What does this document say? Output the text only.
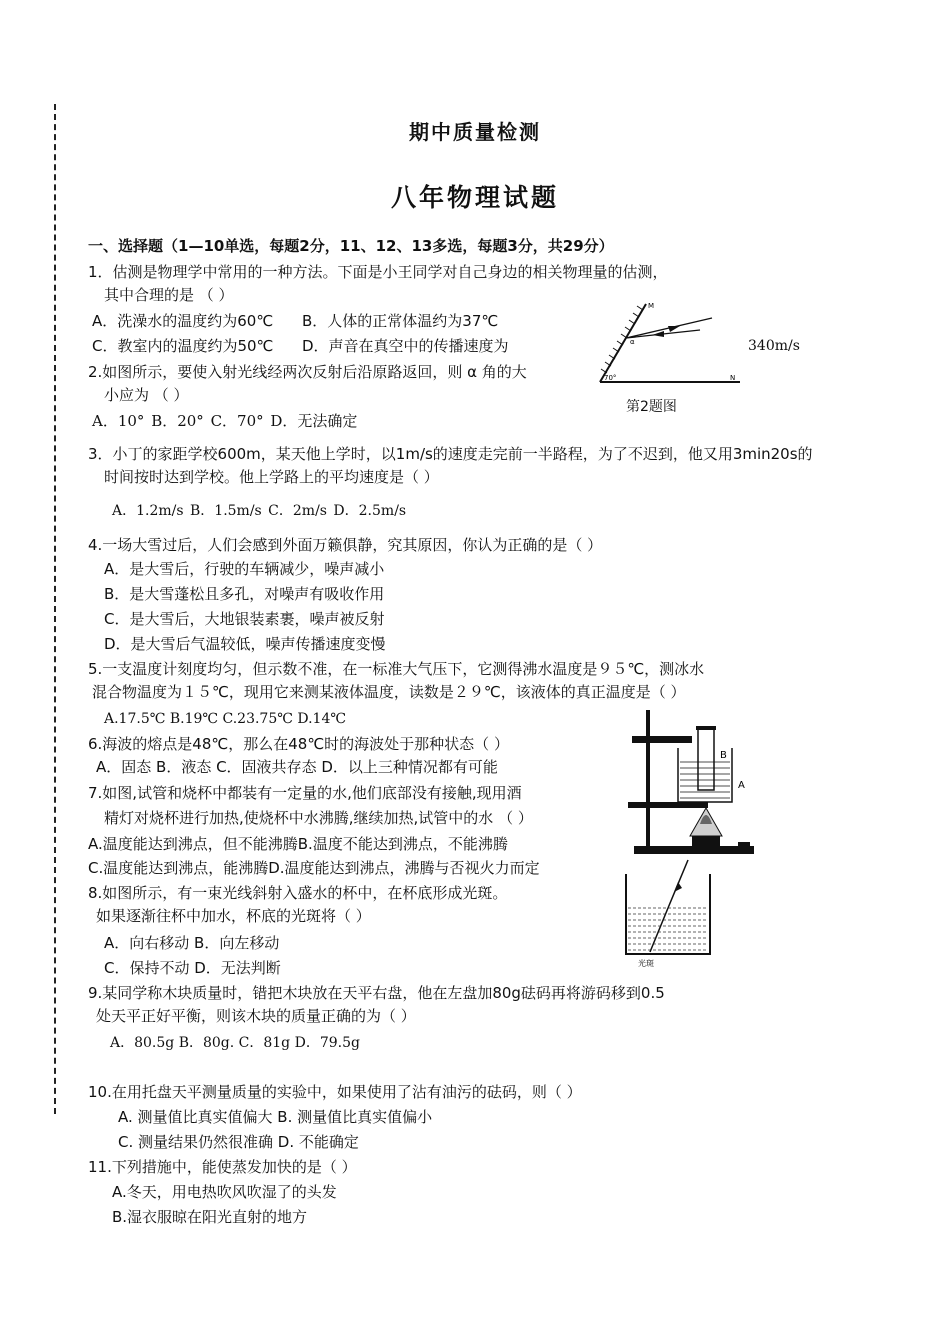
期中质量检测
八年物理试题
一、选择题（1—10单选，每题2分，11、12、13多选，每题3分，共29分）
1．估测是物理学中常用的一种方法。下面是小王同学对自己身边的相关物理量的估测，
其中合理的是 （ ）
A．洗澡水的温度约为60℃ B．人体的正常体温约为37℃
C．教室内的温度约为50℃ D．声音在真空中的传播速度为	340m/s
2.如图所示，要使入射光线经两次反射后沿原路返回，则 α 角的大
小应为 （ ）
A．10° B．20° C．70° D．无法确定
M
α
70°	N
第2题图
3．小丁的家距学校600m，某天他上学时，以1m/s的速度走完前一半路程，为了不迟到，他又用3min20s的
时间按时达到学校。他上学路上的平均速度是（ ）
A．1.2m/s B．1.5m/s C．2m/s D．2.5m/s
4.一场大雪过后，人们会感到外面万籁俱静，究其原因，你认为正确的是（ ）
A．是大雪后，行驶的车辆减少，噪声减小
B．是大雪蓬松且多孔，对噪声有吸收作用
C．是大雪后，大地银装素裹，噪声被反射
D．是大雪后气温较低，噪声传播速度变慢
5.一支温度计刻度均匀，但示数不准，在一标准大气压下，它测得沸水温度是９５℃，测冰水
混合物温度为１５℃，现用它来测某液体温度，读数是２９℃，该液体的真正温度是（ ）
A.17.5℃ B.19℃ C.23.75℃ D.14℃
6.海波的熔点是48℃，那么在48℃时的海波处于那种状态（ ）
A．固态 B．液态 C．固液共存态 D．以上三种情况都有可能
B
A
7.如图,试管和烧杯中都装有一定量的水,他们底部没有接触,现用酒
精灯对烧杯进行加热,使烧杯中水沸腾,继续加热,试管中的水 （ ）
A.温度能达到沸点，但不能沸腾B.温度不能达到沸点，不能沸腾
C.温度能达到沸点，能沸腾D.温度能达到沸点，沸腾与否视火力而定
光斑
8.如图所示，有一束光线斜射入盛水的杯中，在杯底形成光斑。
如果逐渐往杯中加水，杯底的光斑将（ ）
A．向右移动 B．向左移动
C．保持不动 D．无法判断
9.某同学称木块质量时，错把木块放在天平右盘，他在左盘加80g砝码再将游码移到0.5
处天平正好平衡，则该木块的质量正确的为（ ）
A．80.5g B．80g. C．81g D．79.5g
10.在用托盘天平测量质量的实验中，如果使用了沾有油污的砝码，则（ ）
A. 测量值比真实值偏大 B. 测量值比真实值偏小
C. 测量结果仍然很准确 D. 不能确定
11.下列措施中，能使蒸发加快的是（ ）
A.冬天，用电热吹风吹湿了的头发
B.湿衣服晾在阳光直射的地方
